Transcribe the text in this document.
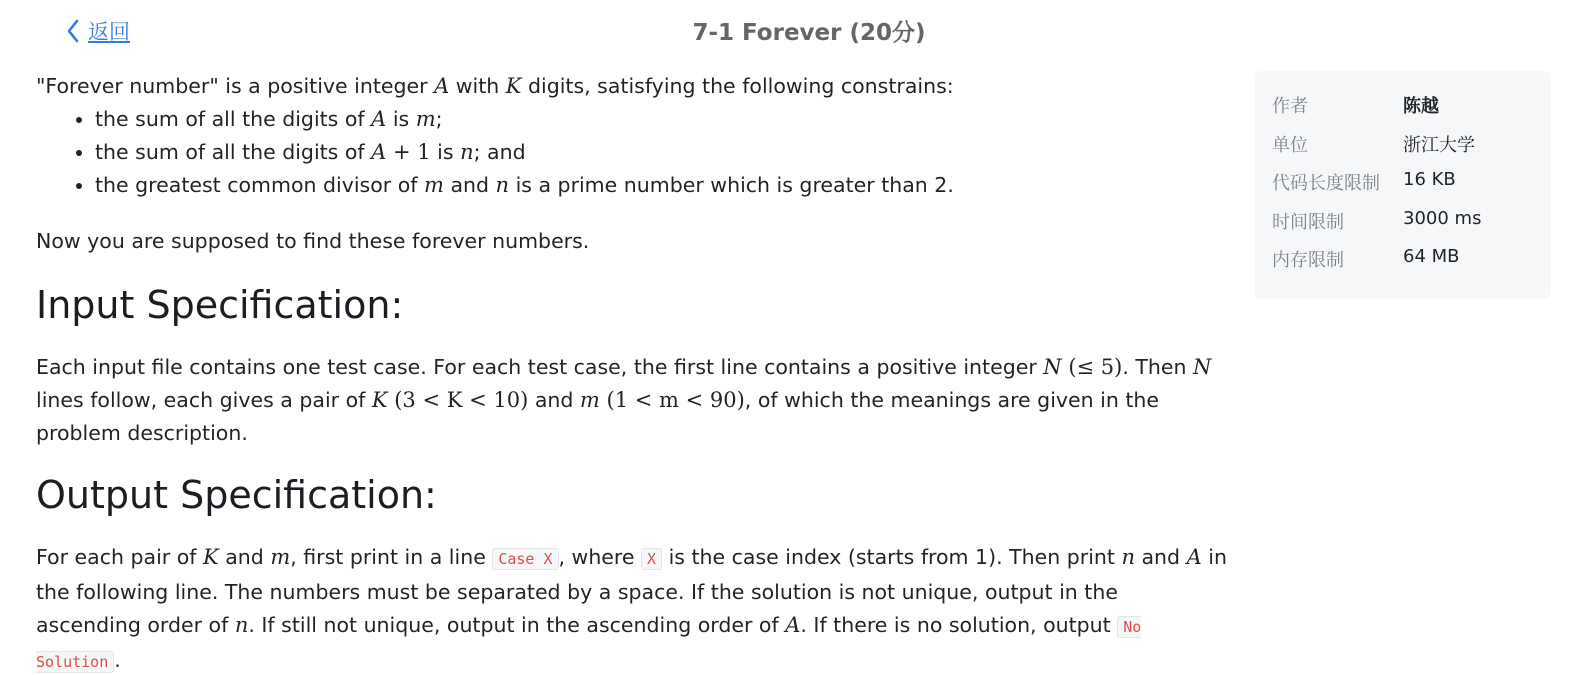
返回	7-1 Forever (20分)

"Forever number" is a positive integer A with K digits, satisfying the following constrains:

• the sum of all the digits of A is m;
• the sum of all the digits of A + 1 is n; and
• the greatest common divisor of m and n is a prime number which is greater than 2.

Now you are supposed to find these forever numbers.

Input Specification:

Each input file contains one test case. For each test case, the first line contains a positive integer N (≤ 5). Then N lines follow, each gives a pair of K (3 < K < 10) and m (1 < m < 90), of which the meanings are given in the problem description.

Output Specification:

For each pair of K and m, first print in a line Case X , where X is the case index (starts from 1). Then print n and A in the following line. The numbers must be separated by a space. If the solution is not unique, output in the ascending order of n. If still not unique, output in the ascending order of A. If there is no solution, output No Solution .

作者	陈越
单位	浙江大学
代码长度限制 16 KB
时间限制	3000 ms
内存限制	64 MB
